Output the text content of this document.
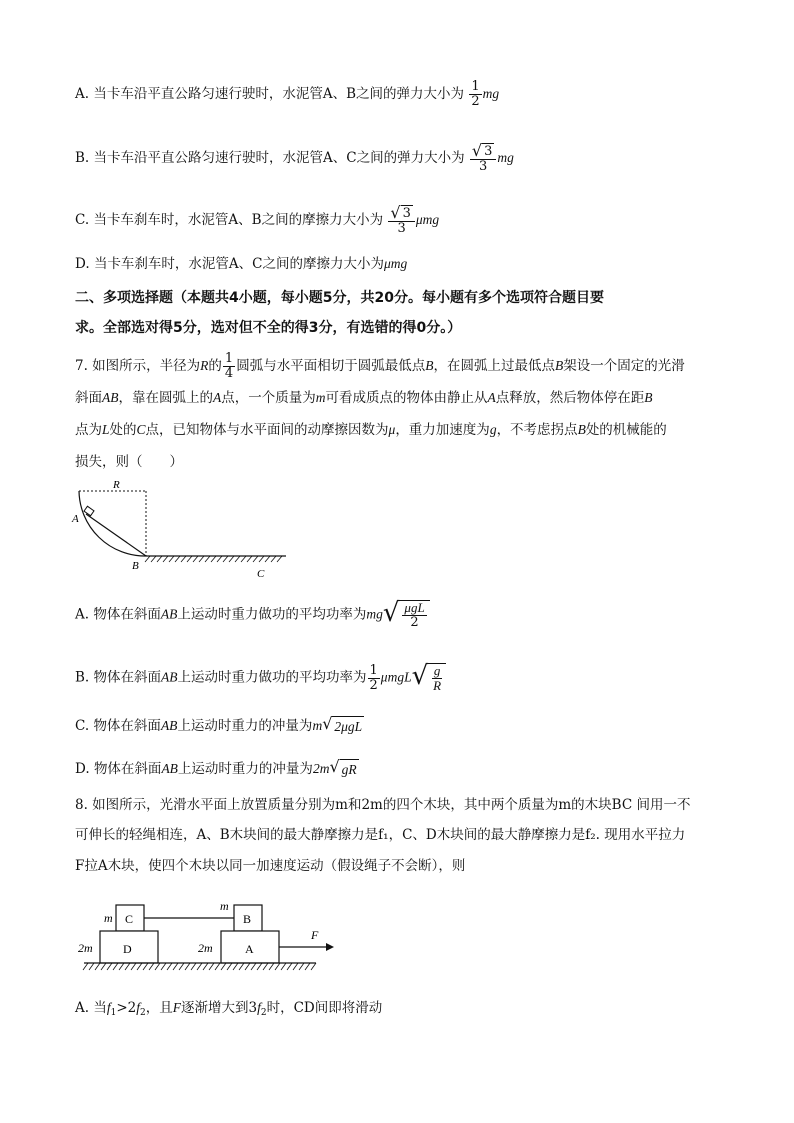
A. 当卡车沿平直公路匀速行驶时，水泥管A、B之间的弹力大小为 $\frac{1}{2}$ mg
B. 当卡车沿平直公路匀速行驶时，水泥管A、C之间的弹力大小为 $\frac{√ 3}{3}$ mg
C. 当卡车刹车时，水泥管A、B之间的摩擦力大小为 $\frac{√ 3}{3}$ μmg
D. 当卡车刹车时，水泥管A、C之间的摩擦力大小为μmg
二、多项选择题（本题共4小题，每小题5分，共20分。每小题有多个选项符合题目要
求。全部选对得5分，选对但不全的得3分，有选错的得0分。）
7. 如图所示，半径为R的 $\frac{1}{4}$ 圆弧与水平面相切于圆弧最低点B，在圆弧上过最低点B架设一个固定的光滑
斜面AB，靠在圆弧上的A点，一个质量为m可看成质点的物体由静止从A点释放，然后物体停在距B
点为L处的C点，已知物体与水平面间的动摩擦因数为μ，重力加速度为g，不考虑拐点B处的机械能的
损失，则（　　）
R
A
B
C
A. 物体在斜面AB上运动时重力做功的平均功率为mg √ $\frac{\text{μgL}}{2}$
B. 物体在斜面AB上运动时重力做功的平均功率为 $\frac{1}{2}$ μmgL √ $\frac{g}{R}$
C. 物体在斜面AB上运动时重力的冲量为m √ 2μgL
D. 物体在斜面AB上运动时重力的冲量为2m √ gR
8. 如图所示，光滑水平面上放置质量分别为m和2m的四个木块，其中两个质量为m的木块BC 间用一不
可伸长的轻绳相连，A、B木块间的最大静摩擦力是f₁，C、D木块间的最大静摩擦力是f₂. 现用水平拉力
F拉A木块，使四个木块以同一加速度运动（假设绳子不会断），则
m C
m
B
2m	D	2m	A
F
A. 当$f_1>2f_2$，且F逐渐增大到$3f_2$时，CD间即将滑动
